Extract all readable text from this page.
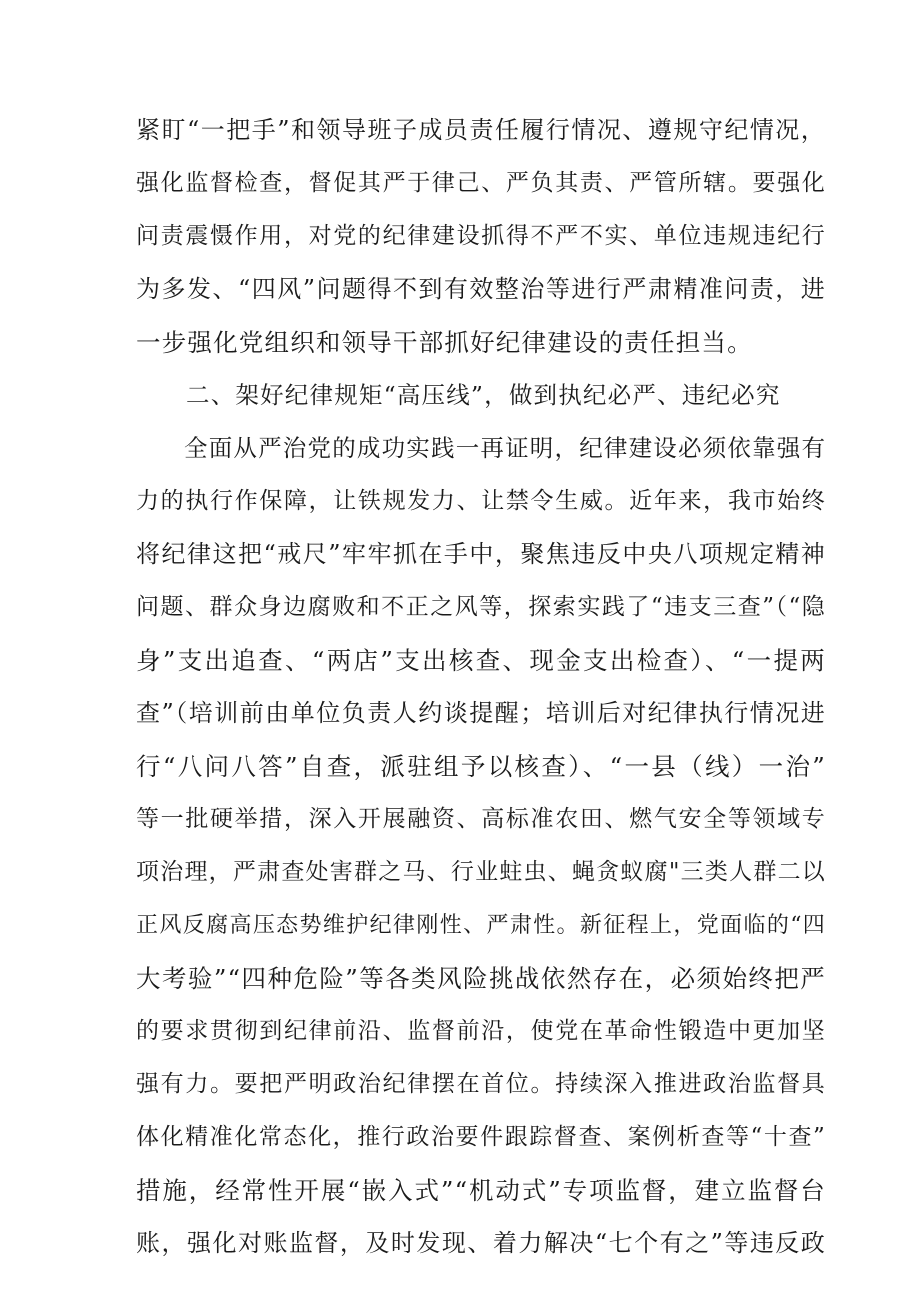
紧盯“一把手”和领导班子成员责任履行情况、遵规守纪情况，

强化监督检查，督促其严于律己、严负其责、严管所辖。要强化

问责震慑作用，对党的纪律建设抓得不严不实、单位违规违纪行

为多发、“四风”问题得不到有效整治等进行严肃精准问责，进

一步强化党组织和领导干部抓好纪律建设的责任担当。

二、架好纪律规矩“高压线”，做到执纪必严、违纪必究

全面从严治党的成功实践一再证明，纪律建设必须依靠强有

力的执行作保障，让铁规发力、让禁令生威。近年来，我市始终

将纪律这把“戒尺”牢牢抓在手中，聚焦违反中央八项规定精神

问题、群众身边腐败和不正之风等，探索实践了“违支三查”（“隐

身”支出追查、“两店”支出核查、现金支出检查）、“一提两

查”（培训前由单位负责人约谈提醒；培训后对纪律执行情况进

行“八问八答”自查，派驻组予以核查）、“一县（线）一治”

等一批硬举措，深入开展融资、高标准农田、燃气安全等领域专

项治理，严肃查处害群之马、行业蛀虫、蝇贪蚁腐"三类人群二以

正风反腐高压态势维护纪律刚性、严肃性。新征程上，党面临的“四

大考验”“四种危险”等各类风险挑战依然存在，必须始终把严

的要求贯彻到纪律前沿、监督前沿，使党在革命性锻造中更加坚

强有力。要把严明政治纪律摆在首位。持续深入推进政治监督具

体化精准化常态化，推行政治要件跟踪督查、案例析查等“十查”

措施，经常性开展“嵌入式”“机动式”专项监督，建立监督台

账，强化对账监督，及时发现、着力解决“七个有之”等违反政
